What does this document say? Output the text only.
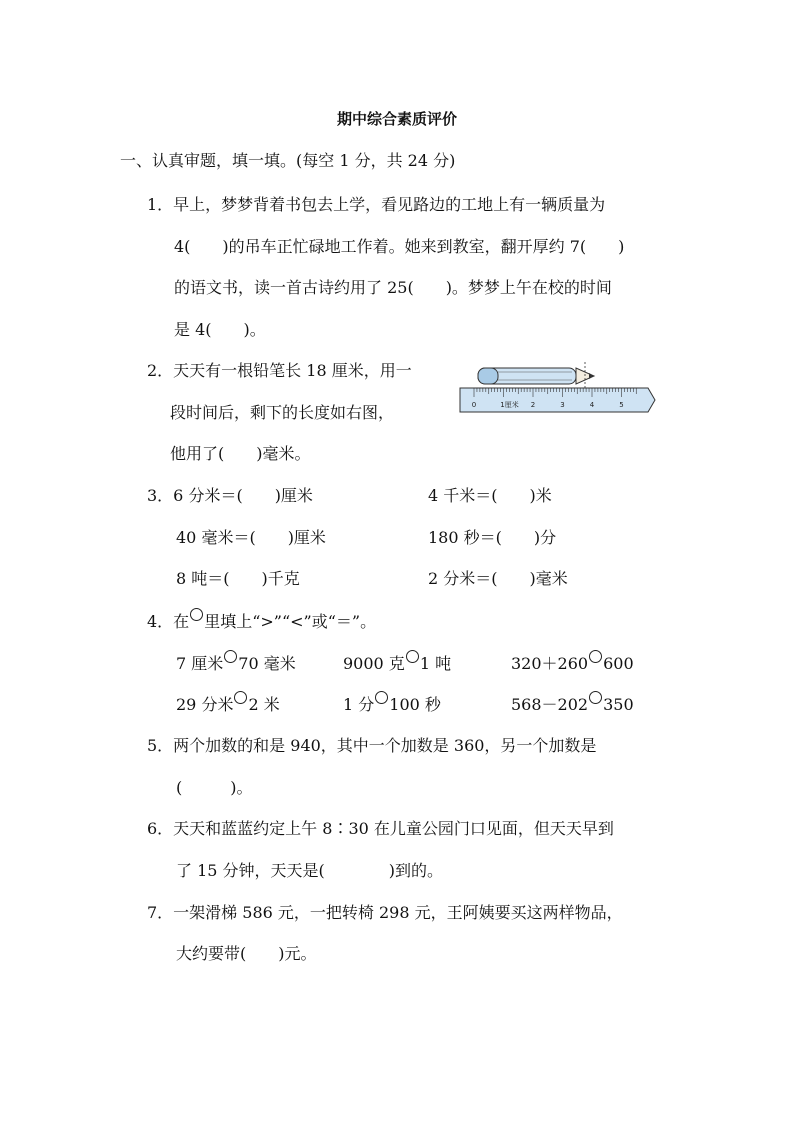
期中综合素质评价
一、认真审题，填一填。(每空 1 分，共 24 分)
1．早上，梦梦背着书包去上学，看见路边的工地上有一辆质量为
4(　　)的吊车正忙碌地工作着。她来到教室，翻开厚约 7(　　)
的语文书，读一首古诗约用了 25(　　)。梦梦上午在校的时间
是 4(　　)。
2．天天有一根铅笔长 18 厘米，用一
段时间后，剩下的长度如右图，
他用了(　　)毫米。
0	1厘米 2	3	4	5
3．6 分米＝(　　)厘米	4 千米＝(　　)米
40 毫米＝(　　)厘米	180 秒＝(　　)分
8 吨＝(　　)千克	2 分米＝(　　)毫米
4．在 里填上“>”“<”或“＝”。
7 厘米 70 毫米	9000 克 1 吨	320＋260 600
29 分米 2 米	1 分 100 秒	568－202 350
5．两个加数的和是 940，其中一个加数是 360，另一个加数是
(　　　)。
6．天天和蓝蓝约定上午 8∶30 在儿童公园门口见面，但天天早到
了 15 分钟，天天是(　　　　)到的。
7．一架滑梯 586 元，一把转椅 298 元，王阿姨要买这两样物品，
大约要带(　　)元。
